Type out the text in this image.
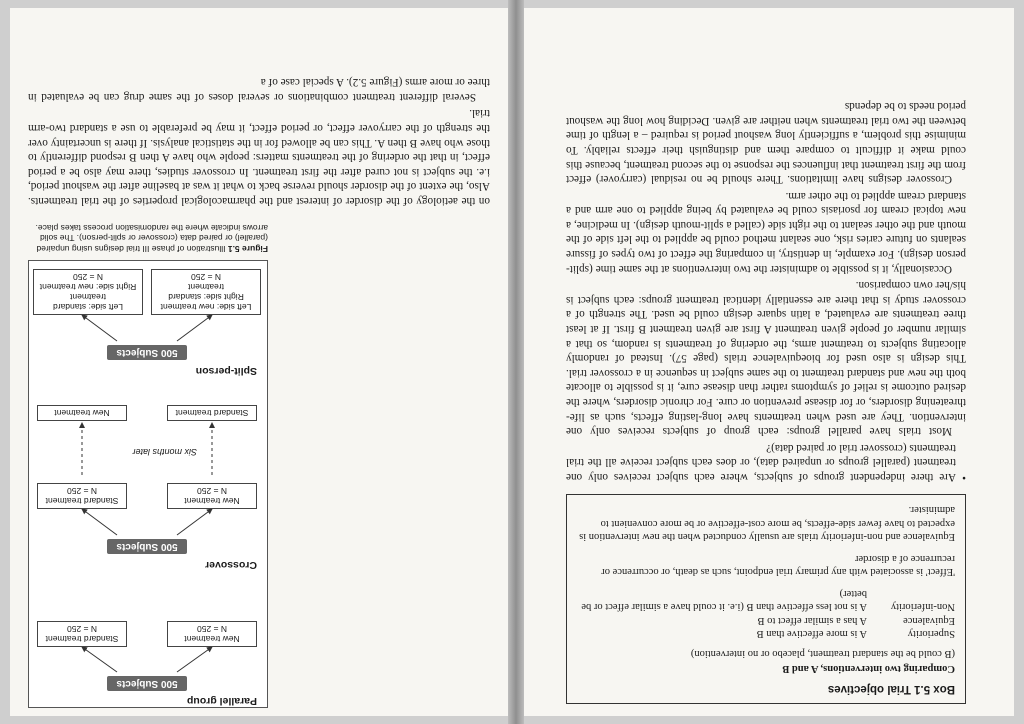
Box 5.1 Trial objectives
Comparing two interventions, A and B
(B could be the standard treatment, placebo or no intervention)
Superiority
A is more effective than B
Equivalence
A has a similar effect to B
Non-inferiority
A is not less effective than B (i.e. it could have a similar effect or be better)
'Effect' is associated with any primary trial endpoint, such as death, or occurrence or recurrence of a disorder
Equivalence and non-inferiority trials are usually conducted when the new intervention is expected to have fewer side-effects, be more cost-effective or be more convenient to administer.

• Are there independent groups of subjects, where each subject receives only one treatment (parallel groups or unpaired data), or does each subject receive all the trial treatments (crossover trial or paired data)?

Most trials have parallel groups: each group of subjects receives only one intervention. They are used when treatments have long-lasting effects, such as life-threatening disorders, or for disease prevention or cure. For chronic disorders, where the desired outcome is relief of symptoms rather than disease cure, it is possible to allocate both the new and standard treatment to the same subject in sequence in a crossover trial. This design is also used for bioequivalence trials (page 57). Instead of randomly allocating subjects to treatment arms, the ordering of treatments is random, so that a similar number of people given treatment A first are given treatment B first. If at least three treatments are evaluated, a latin square design could be used. The strength of a crossover study is that there are essentially identical treatment groups: each subject is his/her own comparison.

Occasionally, it is possible to administer the two interventions at the same time (split-person design). For example, in dentistry, in comparing the effect of two types of fissure sealants on future caries risk, one sealant method could be applied to the left side of the mouth and the other sealant to the right side (called a split-mouth design). In medicine, a new topical cream for psoriasis could be evaluated by being applied to one arm and a standard cream applied to the other arm.

Crossover designs have limitations. There should be no residual (carryover) effect from the first treatment that influences the response to the second treatment, because this could make it difficult to compare them and distinguish their effects reliably. To minimise this problem, a sufficiently long washout period is required – a length of time between the two trial treatments when neither are given. Deciding how long the washout period needs to be depends

Parallel group
500 Subjects
New treatment
N = 250
Standard treatment
N = 250
Crossover
500 Subjects
New treatment
N = 250
Standard treatment
N = 250
Six months later
Standard treatment
New treatment
Split-person
500 Subjects
Left side: new treatment
Right side: standard treatment
N = 250
Left side: standard treatment
Right side: new treatment
N = 250
Figure 5.1 Illustration of phase III trial designs using unpaired (parallel) or paired data (crossover or split-person). The solid arrows indicate where the randomisation process takes place.

on the aetiology of the disorder of interest and the pharmacological properties of the trial treatments. Also, the extent of the disorder should reverse back to what it was at baseline after the washout period, i.e. the subject is not cured after the first treatment. In crossover studies, there may also be a period effect, in that the ordering of the treatments matters: people who have A then B respond differently to those who have B then A. This can be allowed for in the statistical analysis. If there is uncertainty over the strength of the carryover effect, or period effect, it may be preferable to use a standard two-arm trial.

Several different treatment combinations or several doses of the same drug can be evaluated in three or more arms (Figure 5.2). A special case of a
